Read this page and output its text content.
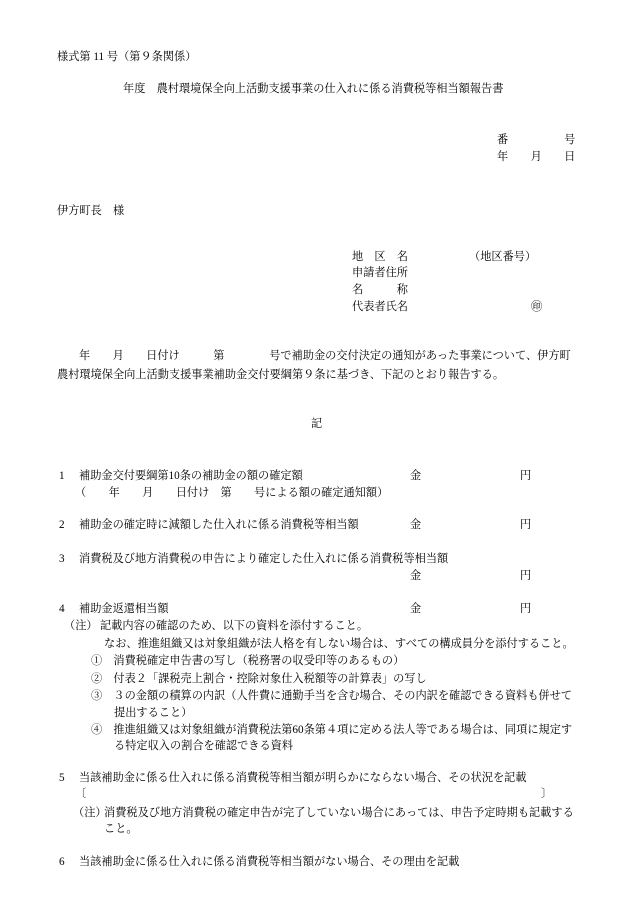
様式第 11 号（第９条関係）
年度　農村環境保全向上活動支援事業の仕入れに係る消費税等相当額報告書
番　　　　　号
年　　月　　日
伊方町長　様
地　区　名	（地区番号）
申請者住所
名　　　称
代表者氏名	㊞
年　　月　　日付け　　　第　　　　号で補助金の交付決定の通知があった事業について、伊方町
農村環境保全向上活動支援事業補助金交付要綱第９条に基づき、下記のとおり報告する。
記
1 補助金交付要綱第10条の補助金の額の確定額	金	円
（　　年　　月　　日付け　第　　号による額の確定通知額）
2 補助金の確定時に減額した仕入れに係る消費税等相当額	金	円
3 消費税及び地方消費税の申告により確定した仕入れに係る消費税等相当額
金	円
4 補助金返還相当額	金	円
（注） 記載内容の確認のため、以下の資料を添付すること。
なお、推進組織又は対象組織が法人格を有しない場合は、すべての構成員分を添付すること。
①　消費税確定申告書の写し（税務署の収受印等のあるもの）
②　付表２「課税売上割合・控除対象仕入税額等の計算表」の写し
③　３の金額の積算の内訳（人件費に通勤手当を含む場合、その内訳を確認できる資料も併せて
提出すること）
④　推進組織又は対象組織が消費税法第60条第４項に定める法人等である場合は、同項に規定す
る特定収入の割合を確認できる資料
5 当該補助金に係る仕入れに係る消費税等相当額が明らかにならない場合、その状況を記載
〔	〕
（注）
消費税及び地方消費税の確定申告が完了していない場合にあっては、申告予定時期も記載する
こと。
6 当該補助金に係る仕入れに係る消費税等相当額がない場合、その理由を記載
